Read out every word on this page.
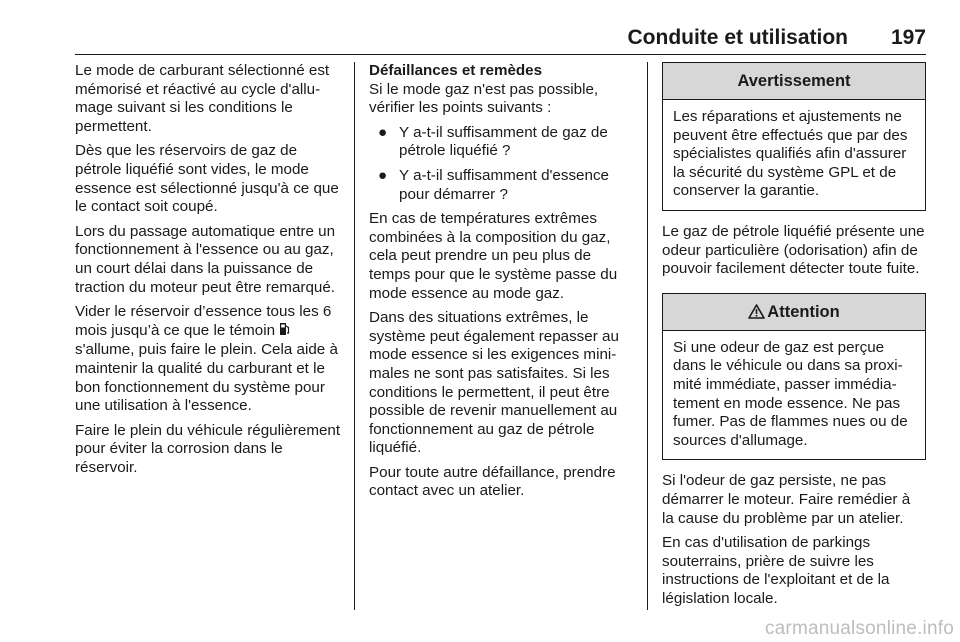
Conduite et utilisation 197

Le mode de carburant sélectionné est mémorisé et réactivé au cycle d'allumage suivant si les conditions le permettent.

Dès que les réservoirs de gaz de pétrole liquéfié sont vides, le mode essence est sélectionné jusqu'à ce que le contact soit coupé.

Lors du passage automatique entre un fonctionnement à l'essence ou au gaz, un court délai dans la puissance de traction du moteur peut être remarqué.

Vider le réservoir d’essence tous les 6 mois jusqu’à ce que le témoin  s'allume, puis faire le plein. Cela aide à maintenir la qualité du carburant et le bon fonctionnement du système pour une utilisation à l'essence.

Faire le plein du véhicule régulièrement pour éviter la corrosion dans le réservoir.

Défaillances et remèdes

Si le mode gaz n'est pas possible, vérifier les points suivants :

● Y a-t-il suffisamment de gaz de pétrole liquéfié ?
● Y a-t-il suffisamment d'essence pour démarrer ?

En cas de températures extrêmes combinées à la composition du gaz, cela peut prendre un peu plus de temps pour que le système passe du mode essence au mode gaz.

Dans des situations extrêmes, le système peut également repasser au mode essence si les exigences minimales ne sont pas satisfaites. Si les conditions le permettent, il peut être possible de revenir manuellement au fonctionnement au gaz de pétrole liquéfié.

Pour toute autre défaillance, prendre contact avec un atelier.

Avertissement
Les réparations et ajustements ne peuvent être effectués que par des spécialistes qualifiés afin d'assurer la sécurité du système GPL et de conserver la garantie.

Le gaz de pétrole liquéfié présente une odeur particulière (odorisation) afin de pouvoir facilement détecter toute fuite.

Attention
Si une odeur de gaz est perçue dans le véhicule ou dans sa proximité immédiate, passer immédiatement en mode essence. Ne pas fumer. Pas de flammes nues ou de sources d'allumage.

Si l'odeur de gaz persiste, ne pas démarrer le moteur. Faire remédier à la cause du problème par un atelier.

En cas d'utilisation de parkings souterrains, prière de suivre les instructions de l'exploitant et de la législation locale.

carmanualsonline.info
